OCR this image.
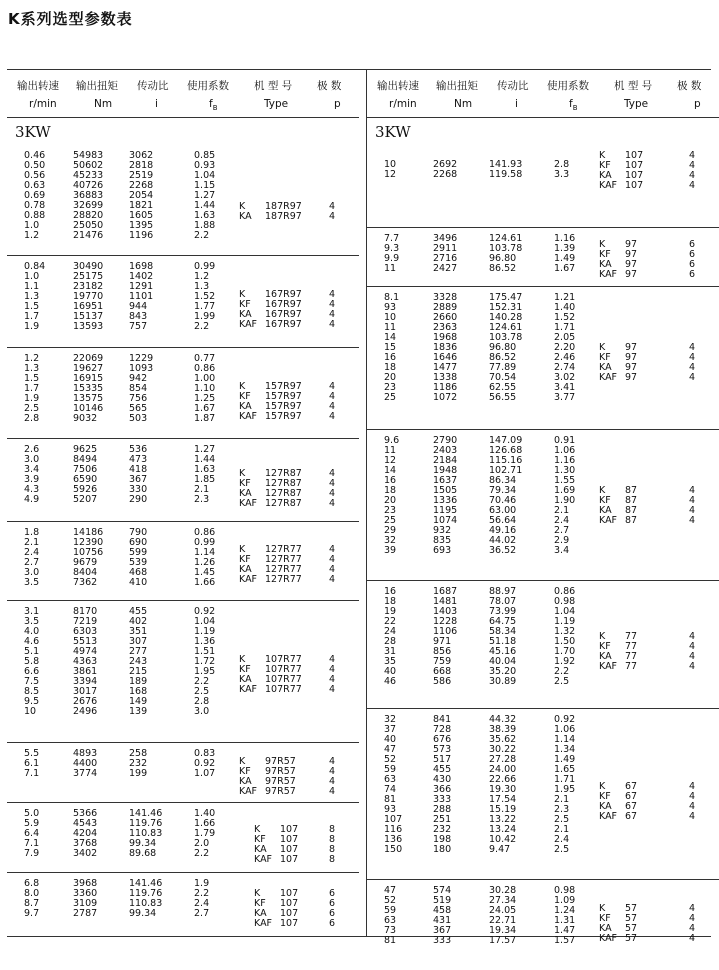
K系列选型参数表
输出转速 输出扭矩 传动比 使用系数 机 型 号 极 数
r/min	Nm	i	Type	p
$f_B$
3KW
0.46	54983	3062	0.85
0.50	50602	2818	0.93
0.56	45233	2519	1.04
0.63	40726	2268	1.15
0.69	36883	2054	1.27
0.78	32699	1821	1.44
0.88	28820	1605	1.63
1.0	25050	1395	1.88
1.2	21476	1196	2.2
K 187R97	4
KA 187R97	4
0.84	30490	1698	0.99
1.0	25175	1402	1.2
1.1	23182	1291	1.3
1.3	19770	1101	1.52
1.5	16951	944	1.77
1.7	15137	843	1.99
1.9	13593	757	2.2
K 167R97	4
KF 167R97	4
KA 167R97	4
KAF 167R97	4
1.2	22069	1229	0.77
1.3	19627	1093	0.86
1.5	16915	942	1.00
1.7	15335	854	1.10
1.9	13575	756	1.25
2.5	10146	565	1.67
2.8	9032	503	1.87
K 157R97	4
KF 157R97	4
KA 157R97	4
KAF 157R97	4
2.6	9625	536	1.27
3.0	8494	473	1.44
3.4	7506	418	1.63
3.9	6590	367	1.85
4.3	5926	330	2.1
4.9	5207	290	2.3
K 127R87	4
KF 127R87	4
KA 127R87	4
KAF 127R87	4
1.8	14186	790	0.86
2.1	12390	690	0.99
2.4	10756	599	1.14
2.7	9679	539	1.26
3.0	8404	468	1.45
3.5	7362	410	1.66
K 127R77	4
KF 127R77	4
KA 127R77	4
KAF 127R77	4
3.1	8170	455	0.92
3.5	7219	402	1.04
4.0	6303	351	1.19
4.6	5513	307	1.36
5.1	4974	277	1.51
5.8	4363	243	1.72
6.6	3861	215	1.95
7.5	3394	189	2.2
8.5	3017	168	2.5
9.5	2676	149	2.8
10	2496	139	3.0
K 107R77	4
KF 107R77	4
KA 107R77	4
KAF 107R77	4
5.5	4893	258	0.83
6.1	4400	232	0.92
7.1	3774	199	1.07
K 97R57	4
KF 97R57	4
KA 97R57	4
KAF 97R57	4
5.0	5366	141.46	1.40
5.9	4543	119.76	1.66
6.4	4204	110.83	1.79
7.1	3768	99.34	2.0
7.9	3402	89.68	2.2
K 107	8
KF 107	8
KA 107	8
KAF 107	8
6.8	3968	141.46	1.9
8.0	3360	119.76	2.2
8.7	3109	110.83	2.4
9.7	2787	99.34	2.7
K 107	6
KF 107	6
KA 107	6
KAF 107	6
输出转速 输出扭矩 传动比 使用系数 机 型 号 极 数
r/min	Nm	i	Type	p
$f_B$
3KW
10	2692	141.93	2.8
12	2268	119.58	3.3
K 107	4
KF 107	4
KA 107	4
KAF 107	4
7.7	3496	124.61	1.16
9.3	2911	103.78	1.39
9.9	2716	96.80	1.49
11	2427	86.52	1.67
K 97	6
KF 97	6
KA 97	6
KAF 97	6
8.1	3328	175.47	1.21
93	2889	152.31	1.40
10	2660	140.28	1.52
11	2363	124.61	1.71
14	1968	103.78	2.05
15	1836	96.80	2.20
16	1646	86.52	2.46
18	1477	77.89	2.74
20	1338	70.54	3.02
23	1186	62.55	3.41
25	1072	56.55	3.77
K 97	4
KF 97	4
KA 97	4
KAF 97	4
9.6	2790	147.09	0.91
11	2403	126.68	1.06
12	2184	115.16	1.16
14	1948	102.71	1.30
16	1637	86.34	1.55
18	1505	79.34	1.69
20	1336	70.46	1.90
23	1195	63.00	2.1
25	1074	56.64	2.4
29	932	49.16	2.7
32	835	44.02	2.9
39	693	36.52	3.4
K 87	4
KF 87	4
KA 87	4
KAF 87	4
16	1687	88.97	0.86
18	1481	78.07	0.98
19	1403	73.99	1.04
22	1228	64.75	1.19
24	1106	58.34	1.32
28	971	51.18	1.50
31	856	45.16	1.70
35	759	40.04	1.92
40	668	35.20	2.2
46	586	30.89	2.5
K 77	4
KF 77	4
KA 77	4
KAF 77	4
32	841	44.32	0.92
37	728	38.39	1.06
40	676	35.62	1.14
47	573	30.22	1.34
52	517	27.28	1.49
59	455	24.00	1.65
63	430	22.66	1.71
74	366	19.30	1.95
81	333	17.54	2.1
93	288	15.19	2.3
107	251	13.22	2.5
116	232	13.24	2.1
136	198	10.42	2.4
150	180	9.47	2.5
K 67	4
KF 67	4
KA 67	4
KAF 67	4
47	574	30.28	0.98
52	519	27.34	1.09
59	458	24.05	1.24
63	431	22.71	1.31
73	367	19.34	1.47
81	333	17.57	1.57
K 57	4
KF 57	4
KA 57	4
KAF 57	4
